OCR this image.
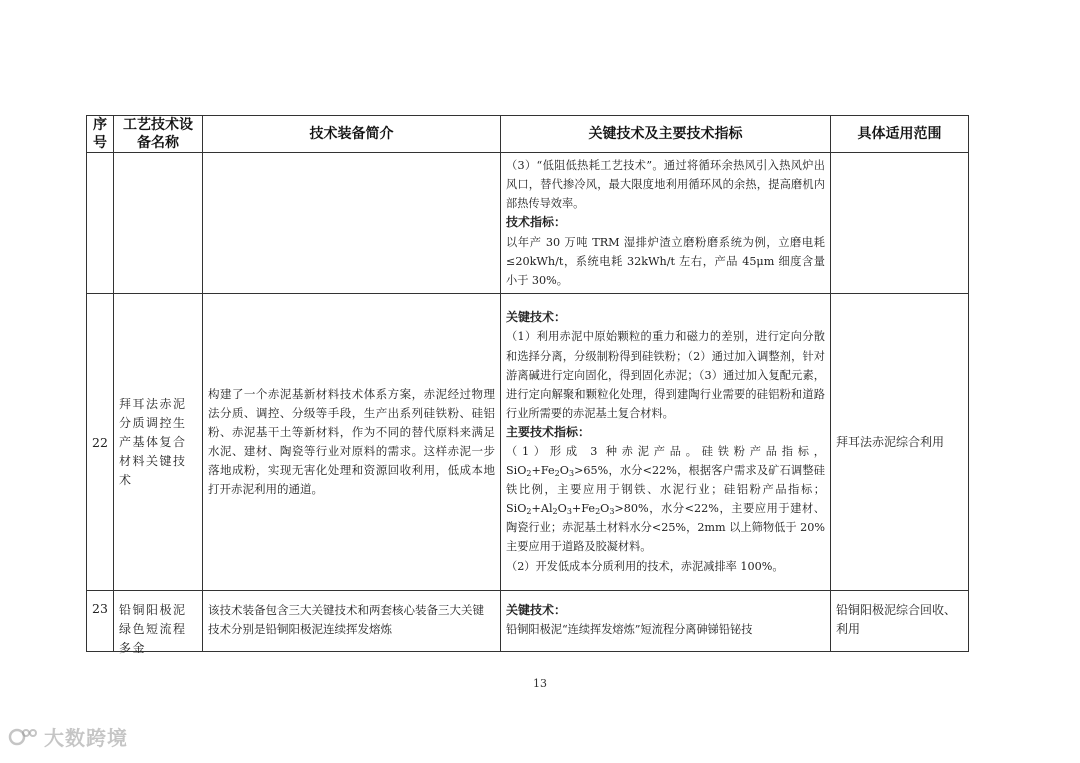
序号	工艺技术设备名称	技术装备简介	关键技术及主要技术指标	具体适用范围

			（3）“低阻低热耗工艺技术”。通过将循环余热风引入热风炉出风口，替代掺冷风，最大限度地利用循环风的余热，提高磨机内部热传导效率。

技术指标：

以年产 30 万吨 TRM 湿排炉渣立磨粉磨系统为例，立磨电耗≤20kWh/t，系统电耗 32kWh/t 左右，产品 45μm 细度含量小于 30%。	

22	拜耳法赤泥分质调控生产基体复合材料关键技术	构建了一个赤泥基新材料技术体系方案，赤泥经过物理法分质、调控、分级等手段，生产出系列硅铁粉、硅铝粉、赤泥基干土等新材料，作为不同的替代原料来满足水泥、建材、陶瓷等行业对原料的需求。这样赤泥一步落地成粉，实现无害化处理和资源回收利用，低成本地打开赤泥利用的通道。	关键技术：

（1）利用赤泥中原始颗粒的重力和磁力的差别，进行定向分散和选择分离，分级制粉得到硅铁粉；（2）通过加入调整剂，针对游离碱进行定向固化，得到固化赤泥；（3）通过加入复配元素，进行定向解聚和颗粒化处理，得到建陶行业需要的硅铝粉和道路行业所需要的赤泥基土复合材料。

主要技术指标：

（1）形成 3 种赤泥产品。硅铁粉产品指标，$SiO_2+Fe_2O_3>65\%$，水分<22%，根据客户需求及矿石调整硅铁比例，主要应用于钢铁、水泥行业；硅铝粉产品指标；$SiO_2+Al_2O_3+Fe_2O_3>80\%$，水分<22%，主要应用于建材、陶瓷行业；赤泥基土材料水分<25%，2mm 以上筛物低于 20%主要应用于道路及胶凝材料。

（2）开发低成本分质利用的技术，赤泥减排率 100%。	拜耳法赤泥综合利用
23	铅铜阳极泥绿色短流程多金	该技术装备包含三大关键技术和两套核心装备三大关键技术分别是铅铜阳极泥连续挥发熔炼	关键技术：

铅铜阳极泥“连续挥发熔炼”短流程分离砷锑铅铋技	铅铜阳极泥综合回收、利用
13
大数跨境
